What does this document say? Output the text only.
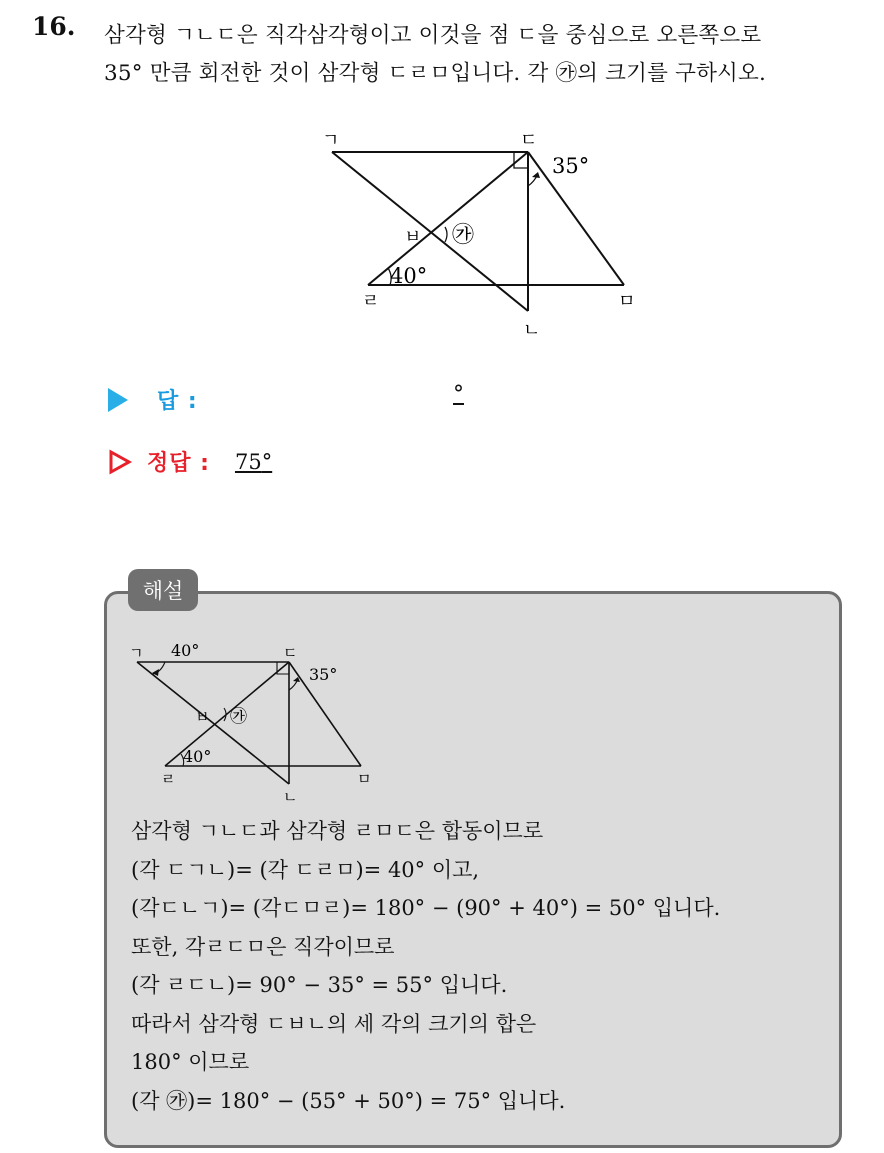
16. 삼각형 ㄱㄴㄷ은 직각삼각형이고 이것을 점 ㄷ을 중심으로 오른쪽으로
35° 만큼 회전한 것이 삼각형 ㄷㄹㅁ입니다. 각 ㉮의 크기를 구하시오.
ㄱ	ㄷ
35°
ㅂ ㉮
40°
ㄹ	ㅁ
ㄴ
답 :	°
정답 : 75°
ㄱ 40°	ㄷ
35°
ㅂ ㉮
40°
ㄹ	ㅁ
ㄴ
삼각형 ㄱㄴㄷ과 삼각형 ㄹㅁㄷ은 합동이므로
(각 ㄷㄱㄴ)= (각 ㄷㄹㅁ)= 40° 이고,
(각ㄷㄴㄱ)= (각ㄷㅁㄹ)= 180° − (90° + 40°) = 50° 입니다.
또한, 각ㄹㄷㅁ은 직각이므로
(각 ㄹㄷㄴ)= 90° − 35° = 55° 입니다.
따라서 삼각형 ㄷㅂㄴ의 세 각의 크기의 합은
180° 이므로
(각 ㉮)= 180° − (55° + 50°) = 75° 입니다.
해설
